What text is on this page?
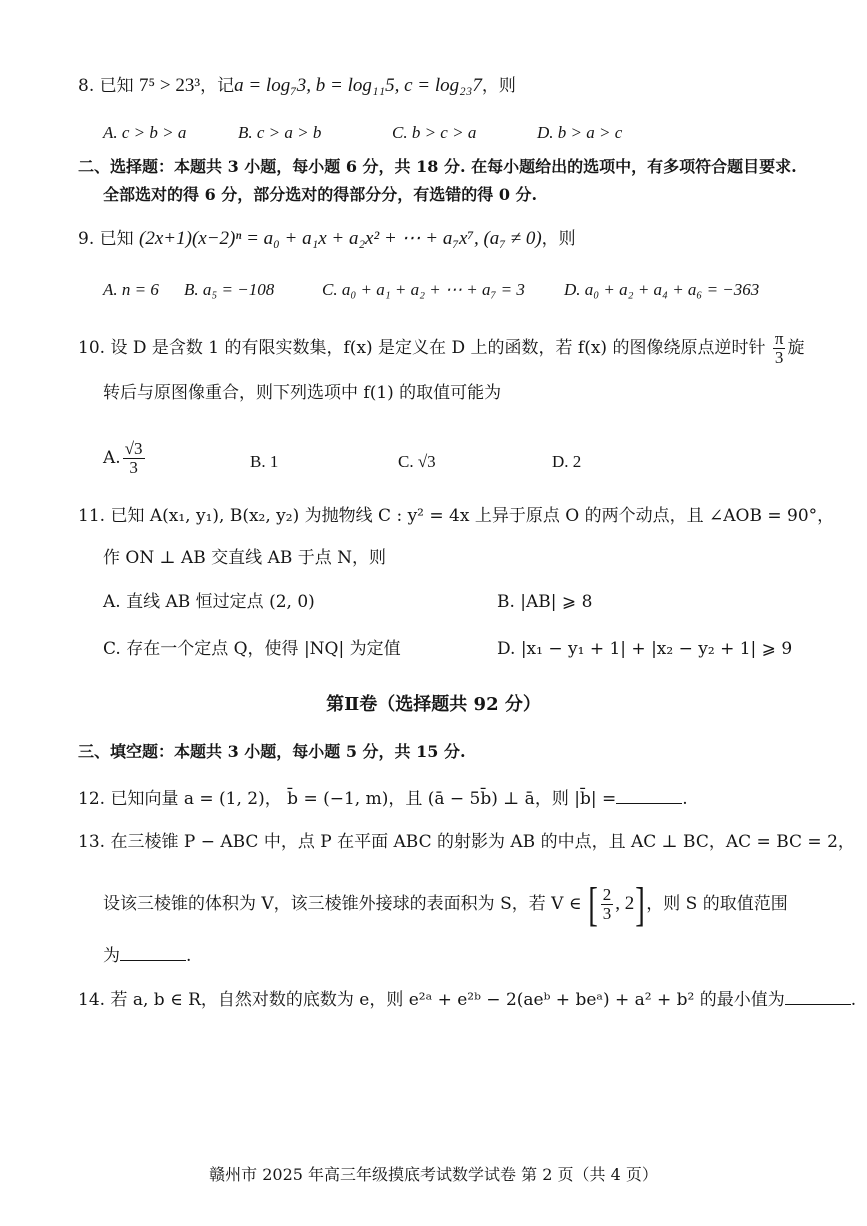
8. 已知 7⁵ > 23³，记a = log₇3, b = log₁₁5, c = log₂₃7，则
A. c > b > a	B. c > a > b	C. b > c > a	D. b > a > c
二、选择题：本题共 3 小题，每小题 6 分，共 18 分. 在每小题给出的选项中，有多项符合题目要求.
全部选对的得 6 分，部分选对的得部分分，有选错的得 0 分.
9. 已知 (2x+1)(x−2)ⁿ = a₀ + a₁x + a₂x² + ⋯ + a₇x⁷, (a₇ ≠ 0)，则
A. n = 6 B. a₅ = −108	C. a₀ + a₁ + a₂ + ⋯ + a₇ = 3 D. a₀ + a₂ + a₄ + a₆ = −363
10. 设 D 是含数 1 的有限实数集，f(x) 是定义在 D 上的函数，若 f(x) 的图像绕原点逆时针 $\frac{\pi}{3}$ 旋
转后与原图像重合，则下列选项中 f(1) 的取值可能为
A. $\frac{√3}{3}$	B. 1	C. √3	D. 2
11. 已知 A(x₁, y₁), B(x₂, y₂) 为抛物线 C : y² = 4x 上异于原点 O 的两个动点，且 ∠AOB = 90°，
作 ON ⊥ AB 交直线 AB 于点 N，则
A. 直线 AB 恒过定点 (2, 0)	B. |AB| ⩾ 8
C. 存在一个定点 Q，使得 |NQ| 为定值	D. |x₁ − y₁ + 1| + |x₂ − y₂ + 1| ⩾ 9
第Ⅱ卷（选择题共 92 分）
三、填空题：本题共 3 小题，每小题 5 分，共 15 分.
12. 已知向量 a = (1, 2)， b̄ = (−1, m)，且 (ā − 5b̄) ⊥ ā，则 |b̄| =	.
13. 在三棱锥 P − ABC 中，点 P 在平面 ABC 的射影为 AB 的中点，且 AC ⊥ BC，AC = BC = 2，
设该三棱锥的体积为 V，该三棱锥外接球的表面积为 S，若 V ∈ [ $\frac{2}{3}$ , 2]，则 S 的取值范围
为	.
14. 若 a, b ∈ R，自然对数的底数为 e，则 e²ᵃ + e²ᵇ − 2(aeᵇ + beᵃ) + a² + b² 的最小值为	.
赣州市 2025 年高三年级摸底考试数学试卷 第 2 页（共 4 页）
